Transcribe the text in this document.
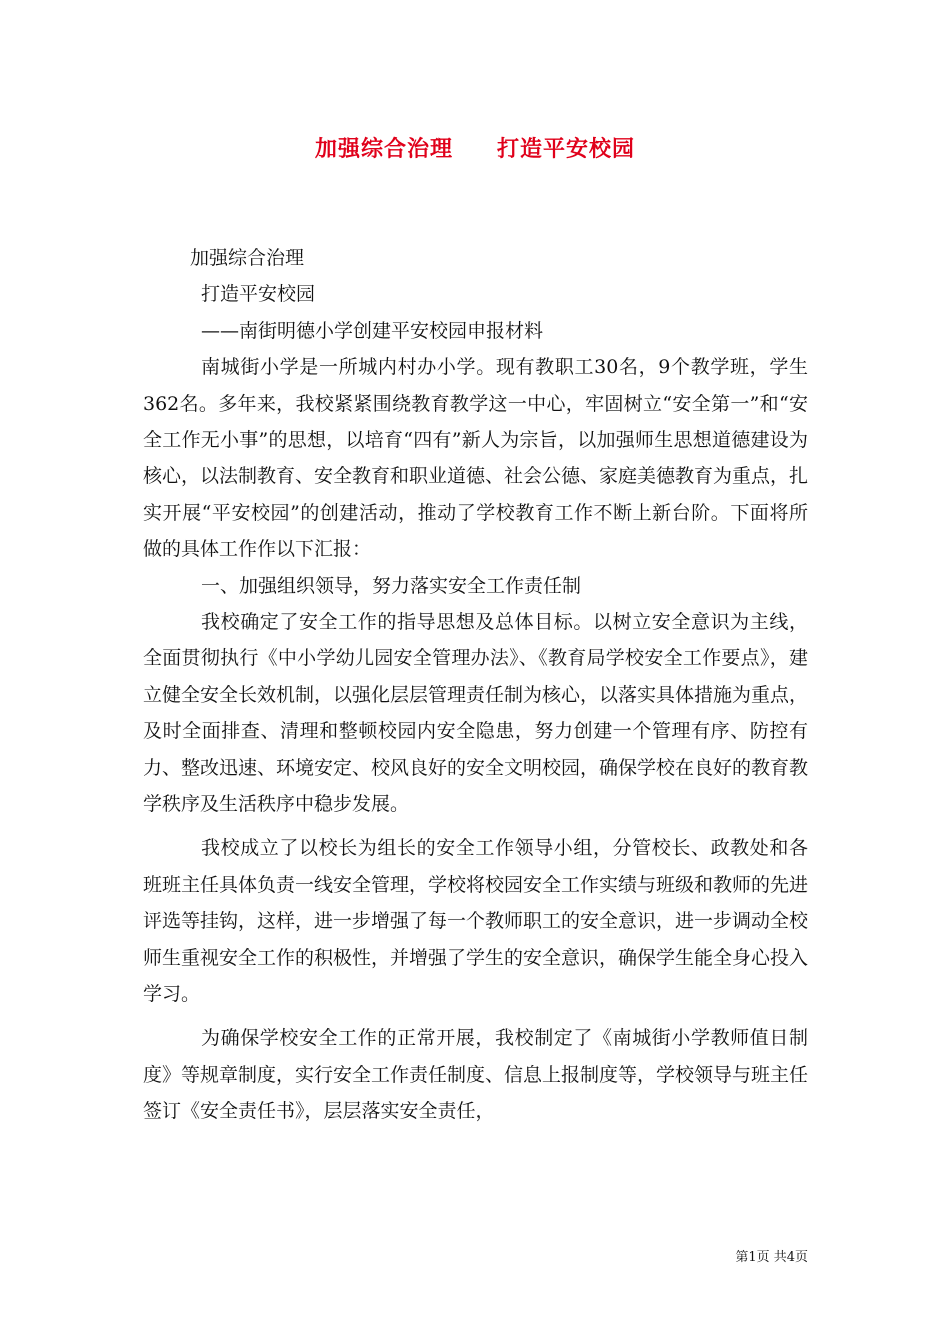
加强综合治理 打造平安校园
加强综合治理
打造平安校园
——南街明德小学创建平安校园申报材料

南城街小学是一所城内村办小学。现有教职工30名，9个教学班，学生362名。多年来，我校紧紧围绕教育教学这一中心，牢固树立“安全第一”和“安全工作无小事”的思想，以培育“四有”新人为宗旨，以加强师生思想道德建设为核心，以法制教育、安全教育和职业道德、社会公德、家庭美德教育为重点，扎实开展“平安校园”的创建活动，推动了学校教育工作不断上新台阶。下面将所做的具体工作作以下汇报：

一、加强组织领导，努力落实安全工作责任制

我校确定了安全工作的指导思想及总体目标。以树立安全意识为主线，全面贯彻执行《中小学幼儿园安全管理办法》、《教育局学校安全工作要点》，建立健全安全长效机制，以强化层层管理责任制为核心，以落实具体措施为重点，及时全面排查、清理和整顿校园内安全隐患，努力创建一个管理有序、防控有力、整改迅速、环境安定、校风良好的安全文明校园，确保学校在良好的教育教学秩序及生活秩序中稳步发展。

我校成立了以校长为组长的安全工作领导小组，分管校长、政教处和各班班主任具体负责一线安全管理，学校将校园安全工作实绩与班级和教师的先进评选等挂钩，这样，进一步增强了每一个教师职工的安全意识，进一步调动全校师生重视安全工作的积极性，并增强了学生的安全意识，确保学生能全身心投入学习。

为确保学校安全工作的正常开展，我校制定了《南城街小学教师值日制度》等规章制度，实行安全工作责任制度、信息上报制度等，学校领导与班主任签订《安全责任书》，层层落实安全责任，

第1页 共4页
